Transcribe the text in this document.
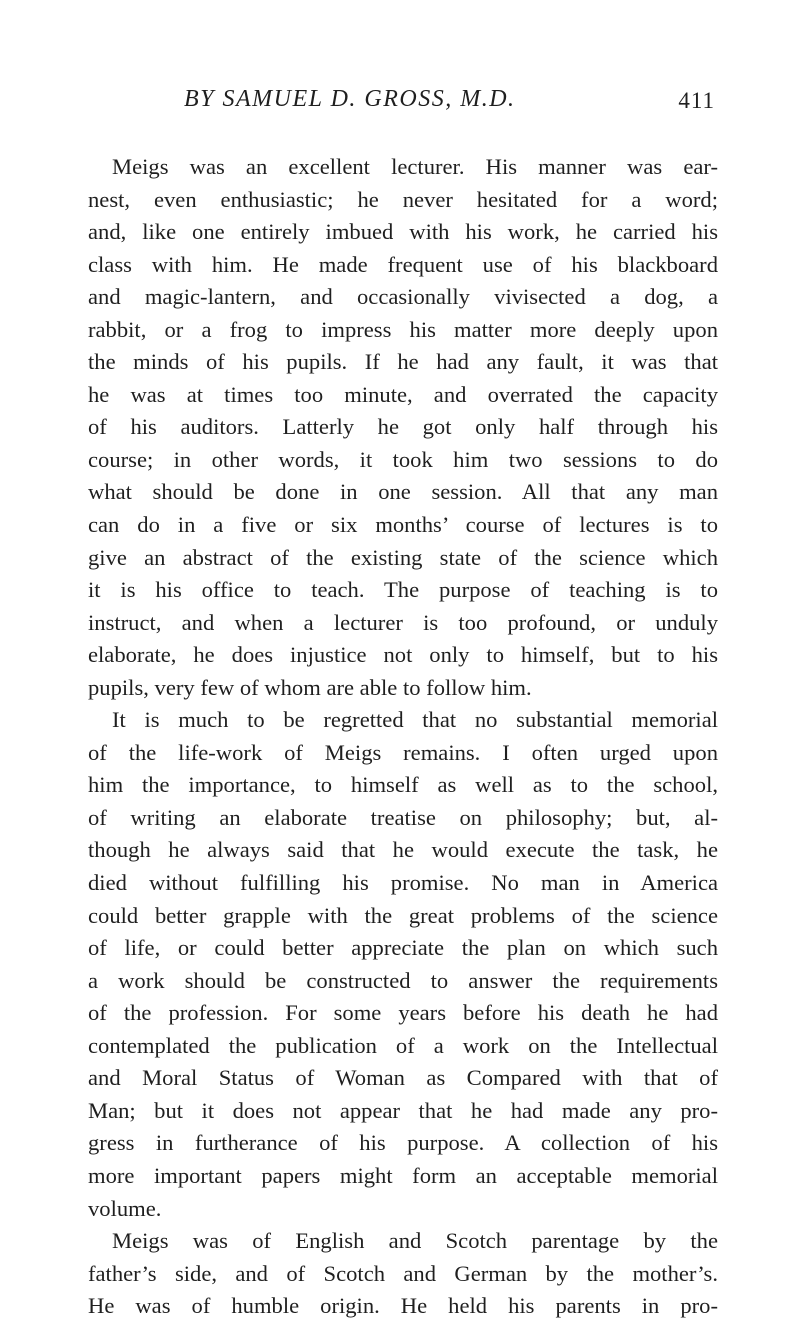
BY SAMUEL D. GROSS, M.D.	411
Meigs was an excellent lecturer. His manner was ear-
nest, even enthusiastic; he never hesitated for a word;
and, like one entirely imbued with his work, he carried his
class with him. He made frequent use of his blackboard
and magic-lantern, and occasionally vivisected a dog, a
rabbit, or a frog to impress his matter more deeply upon
the minds of his pupils. If he had any fault, it was that
he was at times too minute, and overrated the capacity
of his auditors. Latterly he got only half through his
course; in other words, it took him two sessions to do
what should be done in one session. All that any man
can do in a five or six months’ course of lectures is to
give an abstract of the existing state of the science which
it is his office to teach. The purpose of teaching is to
instruct, and when a lecturer is too profound, or unduly
elaborate, he does injustice not only to himself, but to his
pupils, very few of whom are able to follow him.
It is much to be regretted that no substantial memorial
of the life-work of Meigs remains. I often urged upon
him the importance, to himself as well as to the school,
of writing an elaborate treatise on philosophy; but, al-
though he always said that he would execute the task, he
died without fulfilling his promise. No man in America
could better grapple with the great problems of the science
of life, or could better appreciate the plan on which such
a work should be constructed to answer the requirements
of the profession. For some years before his death he had
contemplated the publication of a work on the Intellectual
and Moral Status of Woman as Compared with that of
Man; but it does not appear that he had made any pro-
gress in furtherance of his purpose. A collection of his
more important papers might form an acceptable memorial
volume.
Meigs was of English and Scotch parentage by the
father’s side, and of Scotch and German by the mother’s.
He was of humble origin. He held his parents in pro-
